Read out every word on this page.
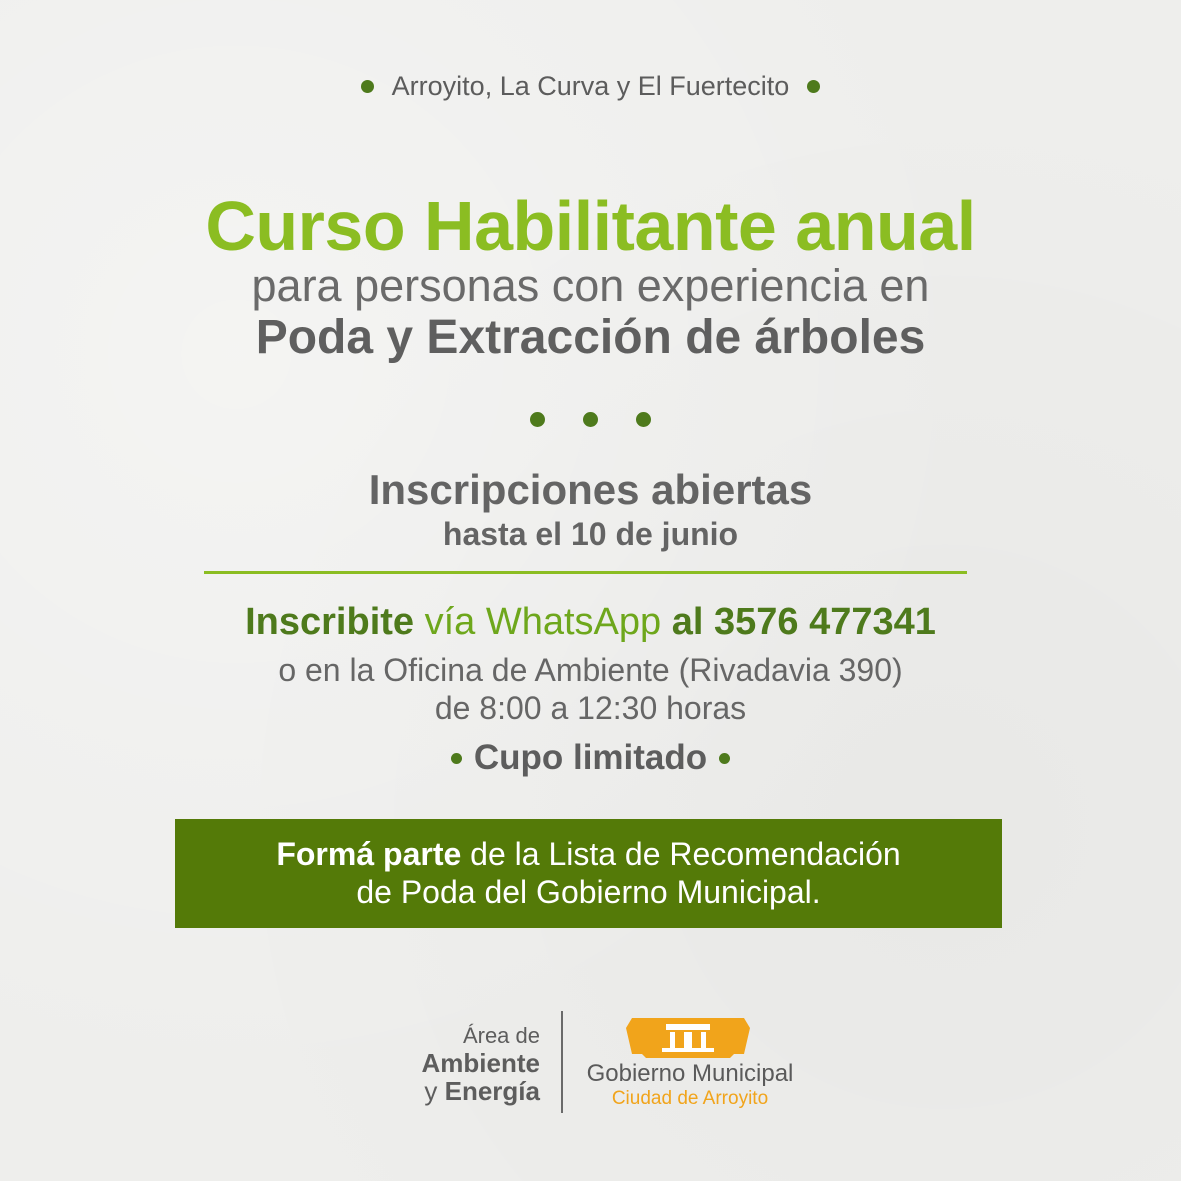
Arroyito, La Curva y El Fuertecito
Curso Habilitante anual
para personas con experiencia en
Poda y Extracción de árboles
Inscripciones abiertas
hasta el 10 de junio
Inscribite vía WhatsApp al 3576 477341
o en la Oficina de Ambiente (Rivadavia 390)
de 8:00 a 12:30 horas
Cupo limitado
Formá parte de la Lista de Recomendación
de Poda del Gobierno Municipal.
Área de
Ambiente
y Energía
Gobierno Municipal
Ciudad de Arroyito
